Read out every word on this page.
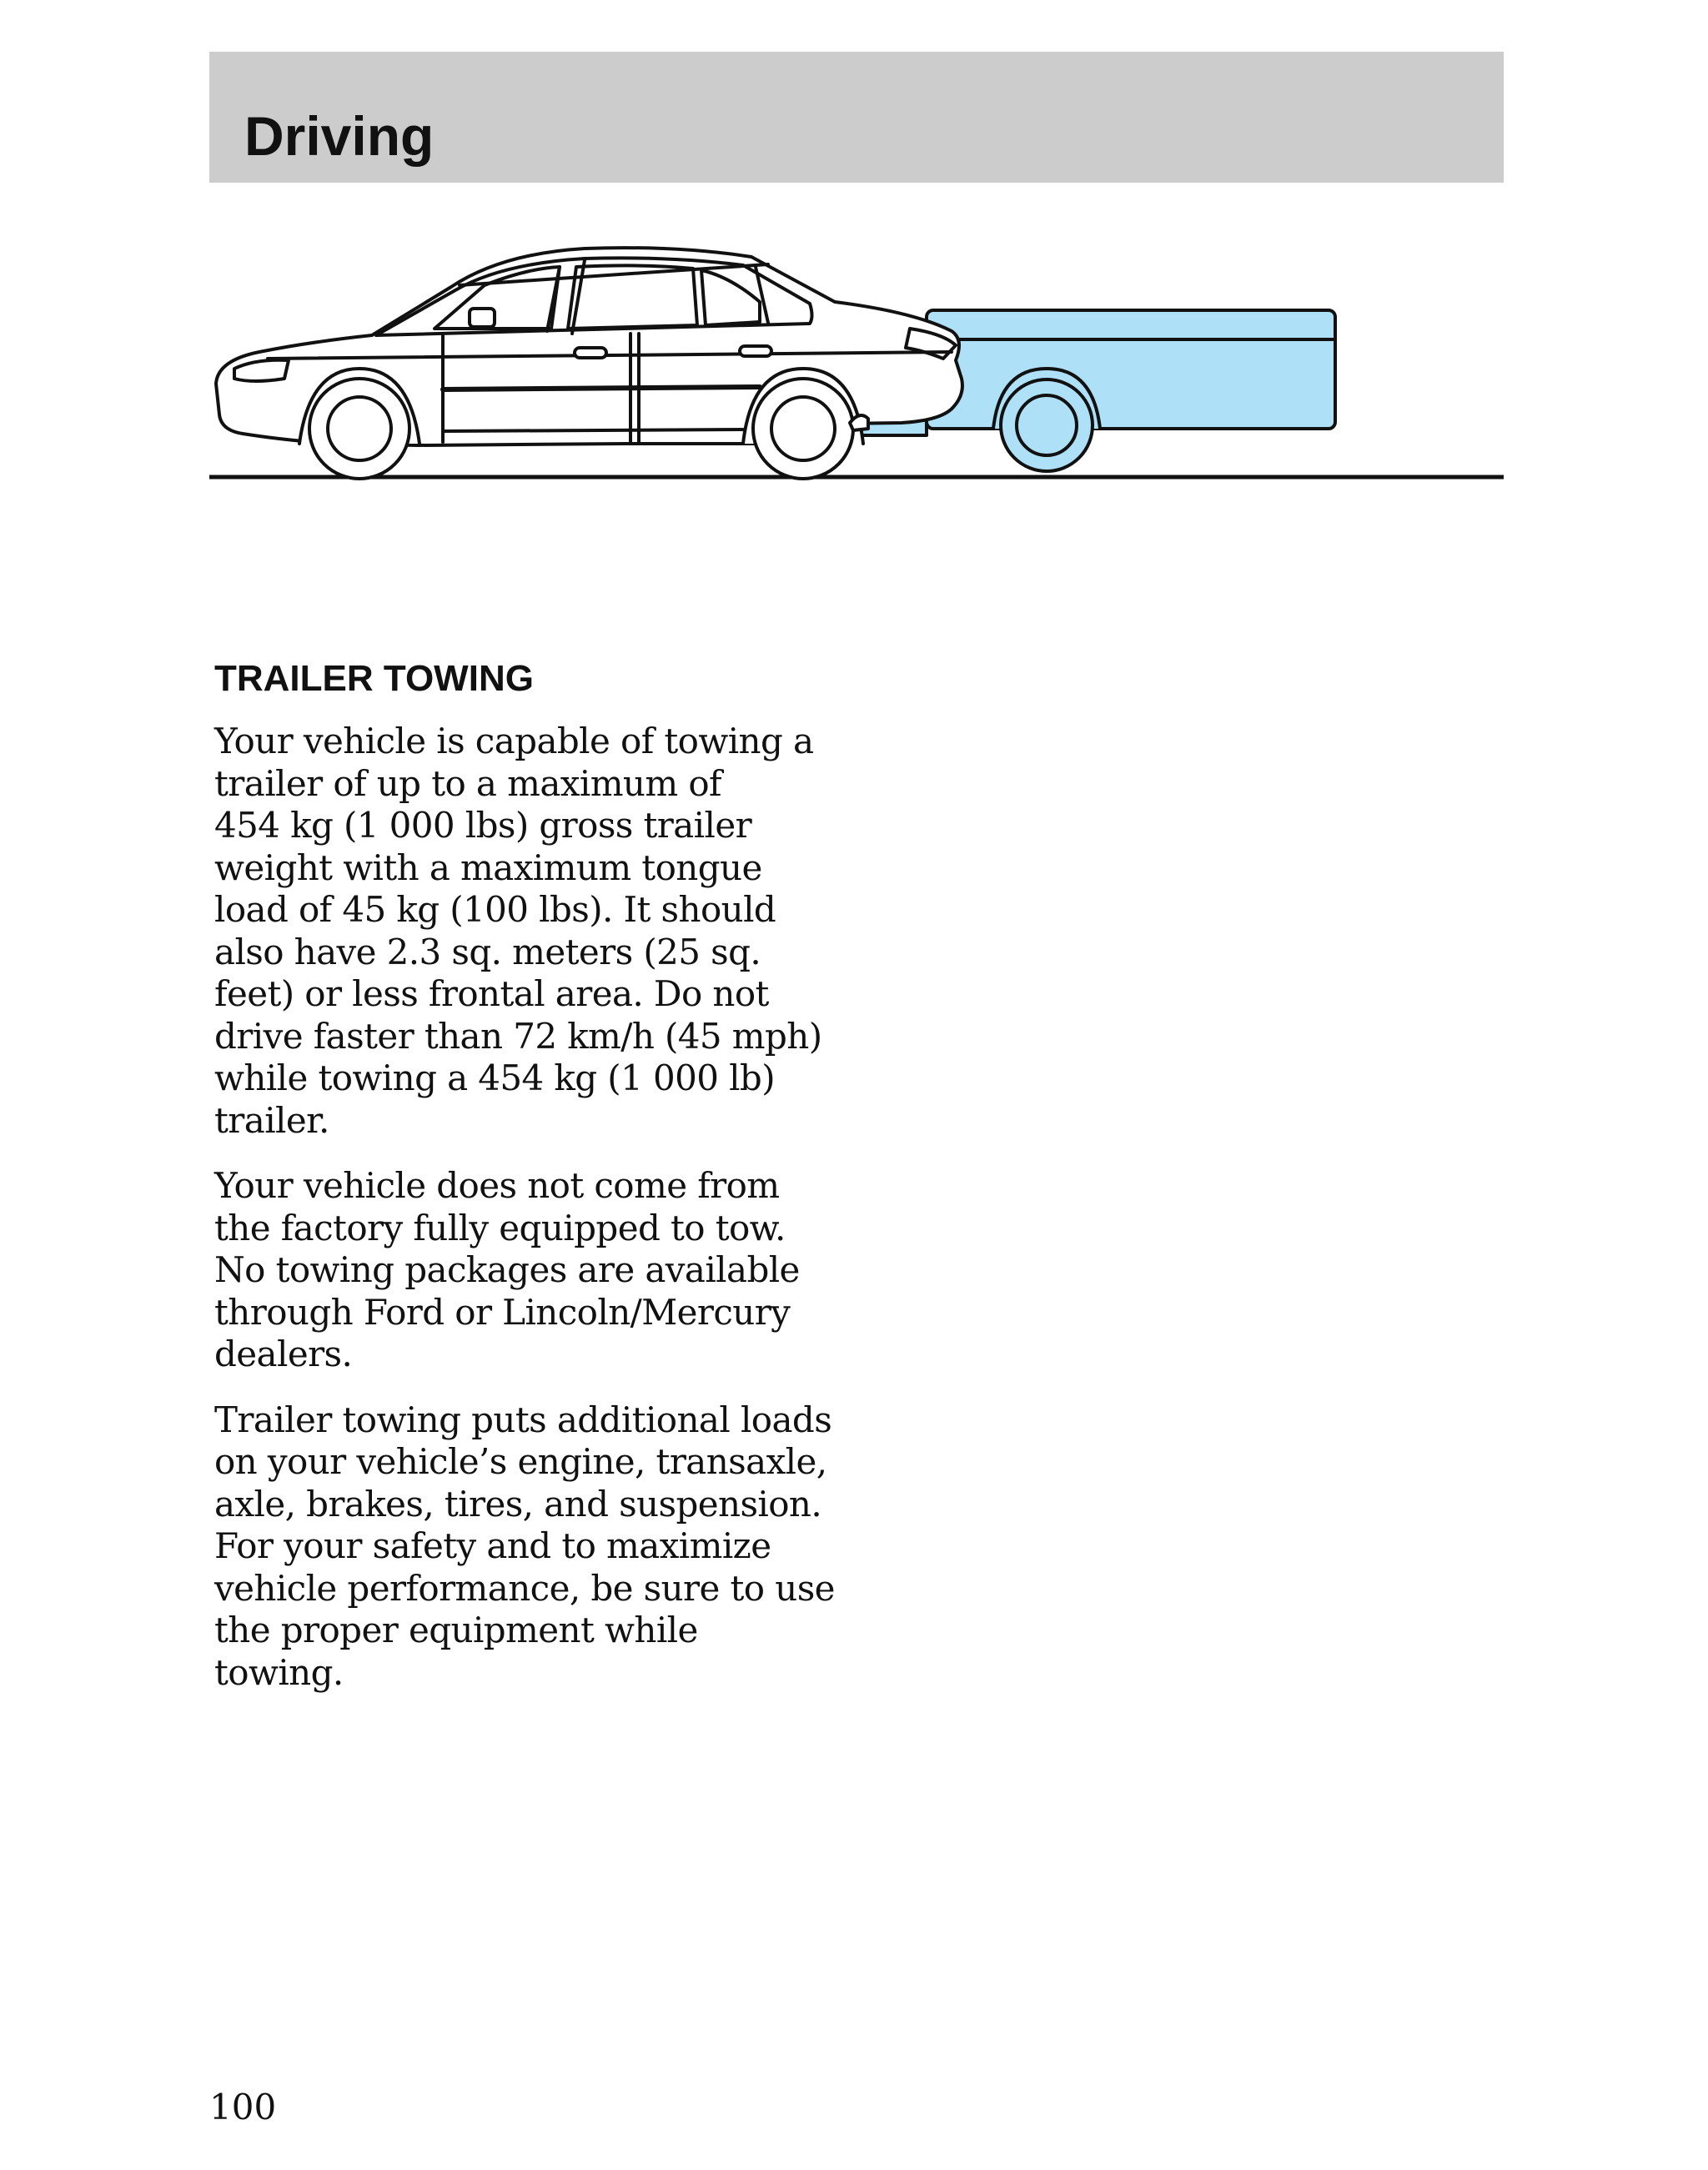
Driving
TRAILER TOWING

Your vehicle is capable of towing a
trailer of up to a maximum of
454 kg (1 000 lbs) gross trailer
weight with a maximum tongue
load of 45 kg (100 lbs). It should
also have 2.3 sq. meters (25 sq.
feet) or less frontal area. Do not
drive faster than 72 km/h (45 mph)
while towing a 454 kg (1 000 lb)
trailer.

Your vehicle does not come from
the factory fully equipped to tow.
No towing packages are available
through Ford or Lincoln/Mercury
dealers.

Trailer towing puts additional loads
on your vehicle’s engine, transaxle,
axle, brakes, tires, and suspension.
For your safety and to maximize
vehicle performance, be sure to use
the proper equipment while
towing.

100
